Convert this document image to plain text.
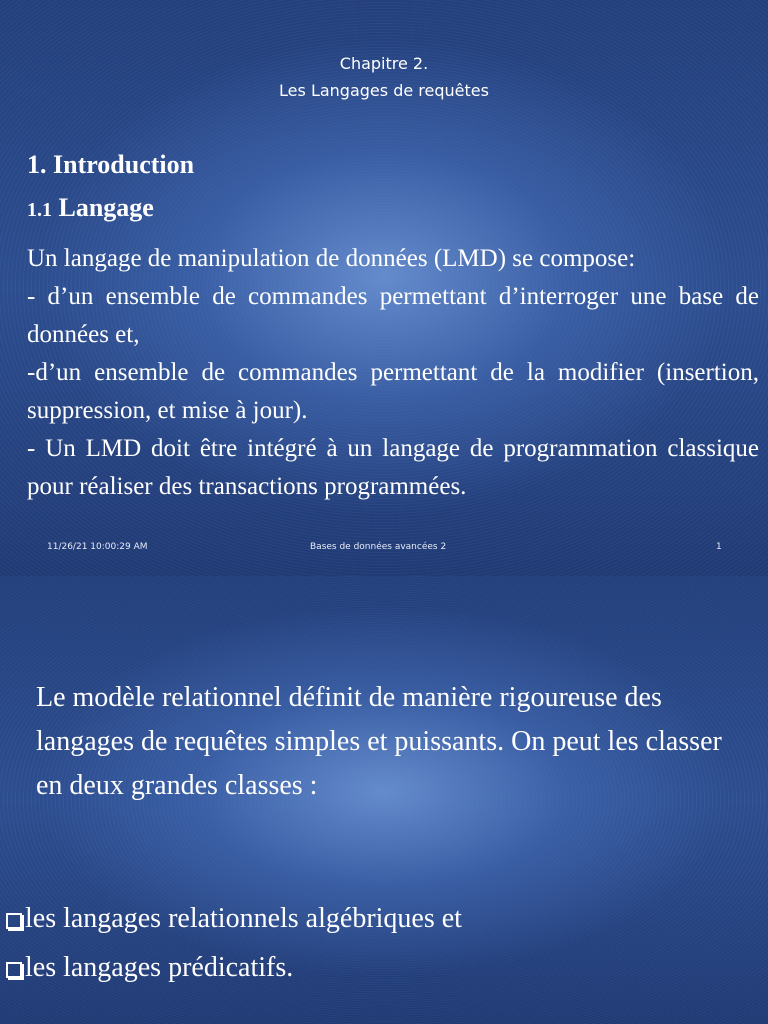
Chapitre 2.
Les Langages de requêtes
1. Introduction
1.1 Langage

Un langage de manipulation de données (LMD) se compose:

- d’un ensemble de commandes permettant d’interroger une base de données et,

-d’un ensemble de commandes permettant de la modifier (insertion, suppression, et mise à jour).

- Un LMD doit être intégré à un langage de programmation classique pour réaliser des transactions programmées.

11/26/21 10:00:29 AM	Bases de données avancées 2	1

Le modèle relationnel définit de manière rigoureuse des langages de requêtes simples et puissants. On peut les classer en deux grandes classes :

les langages relationnels algébriques et
les langages prédicatifs.
